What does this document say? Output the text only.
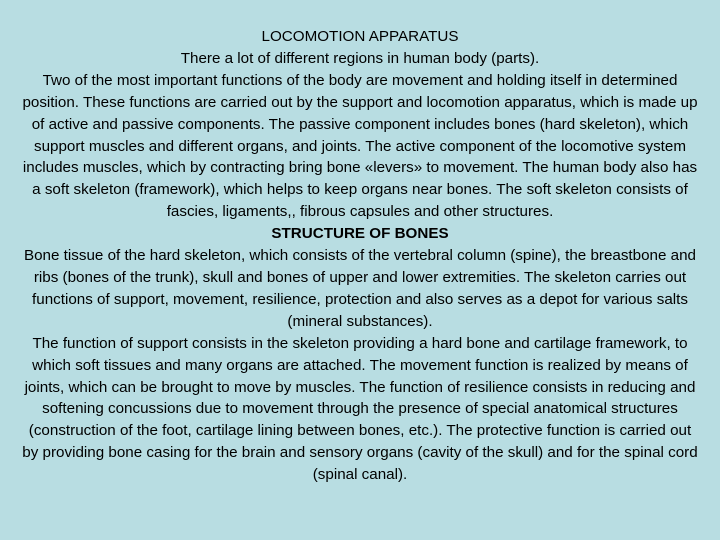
LOCOMOTION APPARATUS

There a lot of different regions in human body (parts).

Two of the most important functions of the body are movement and holding itself in determined position. These functions are carried out by the support and locomotion apparatus, which is made up of active and passive components. The passive component includes bones (hard skeleton), which support muscles and different organs, and joints. The active component of the locomotive system includes muscles, which by contracting bring bone «levers» to movement. The human body also has a soft skeleton (framework), which helps to keep organs near bones. The soft skeleton consists of fascies, ligaments,, fibrous capsules and other structures.

STRUCTURE OF BONES

Bone tissue of the hard skeleton, which consists of the vertebral column (spine), the breastbone and ribs (bones of the trunk), skull and bones of upper and lower extremities. The skeleton carries out functions of support, movement, resilience, protection and also serves as a depot for various salts (mineral substances).

The function of support consists in the skeleton providing a hard bone and cartilage framework, to which soft tissues and many organs are attached. The movement function is realized by means of joints, which can be brought to move by muscles. The function of resilience consists in reducing and softening concussions due to movement through the presence of special anatomical structures (construction of the foot, cartilage lining between bones, etc.). The protective function is carried out by providing bone casing for the brain and sensory organs (cavity of the skull) and for the spinal cord (spinal canal).
